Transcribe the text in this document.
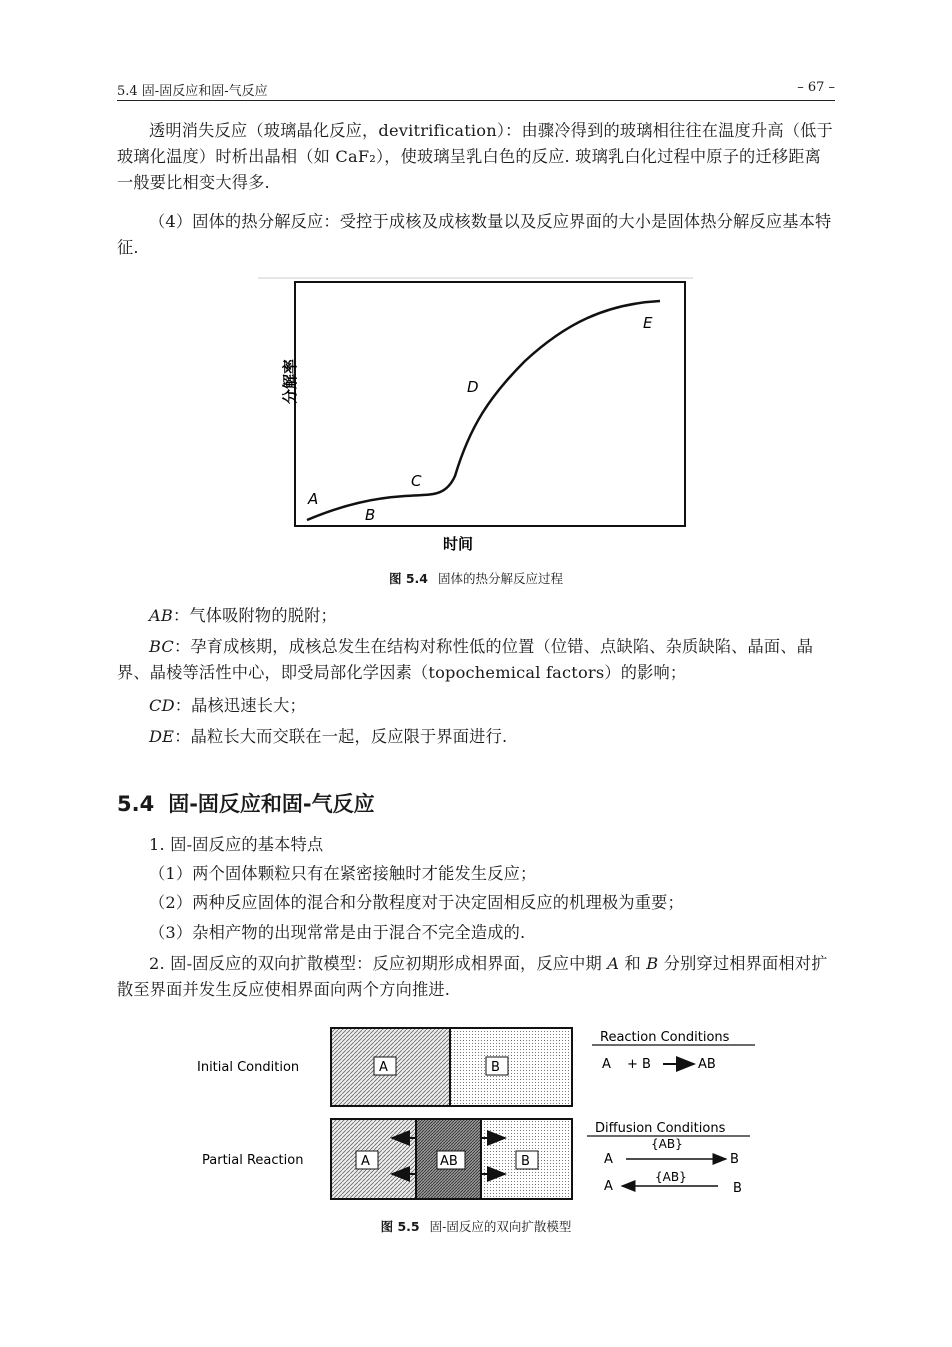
5.4 固-固反应和固-气反应	– 67 –
透明消失反应（玻璃晶化反应，devitrification）：由骤冷得到的玻璃相往往在温度升高（低于玻璃化温度）时析出晶相（如 CaF₂），使玻璃呈乳白色的反应. 玻璃乳白化过程中原子的迁移距离一般要比相变大得多.
（4）固体的热分解反应：受控于成核及成核数量以及反应界面的大小是固体热分解反应基本特征.
分解率
时间
A
B
C
D
E
图 5.4 固体的热分解反应过程
AB：气体吸附物的脱附；
BC：孕育成核期，成核总发生在结构对称性低的位置（位错、点缺陷、杂质缺陷、晶面、晶界、晶棱等活性中心，即受局部化学因素（topochemical factors）的影响；
CD：晶核迅速长大；
DE：晶粒长大而交联在一起，反应限于界面进行.
5.4 固-固反应和固-气反应
1. 固-固反应的基本特点
（1）两个固体颗粒只有在紧密接触时才能发生反应；
（2）两种反应固体的混合和分散程度对于决定固相反应的机理极为重要；
（3）杂相产物的出现常常是由于混合不完全造成的.
2. 固-固反应的双向扩散模型：反应初期形成相界面，反应中期 A 和 B 分别穿过相界面相对扩散至界面并发生反应使相界面向两个方向推进.
Initial Condition	A	B
Partial Reaction	A	AB	B
Reaction Conditions
A + B	AB
Diffusion Conditions
{AB}
A	B
{AB}
A	B
图 5.5 固-固反应的双向扩散模型
